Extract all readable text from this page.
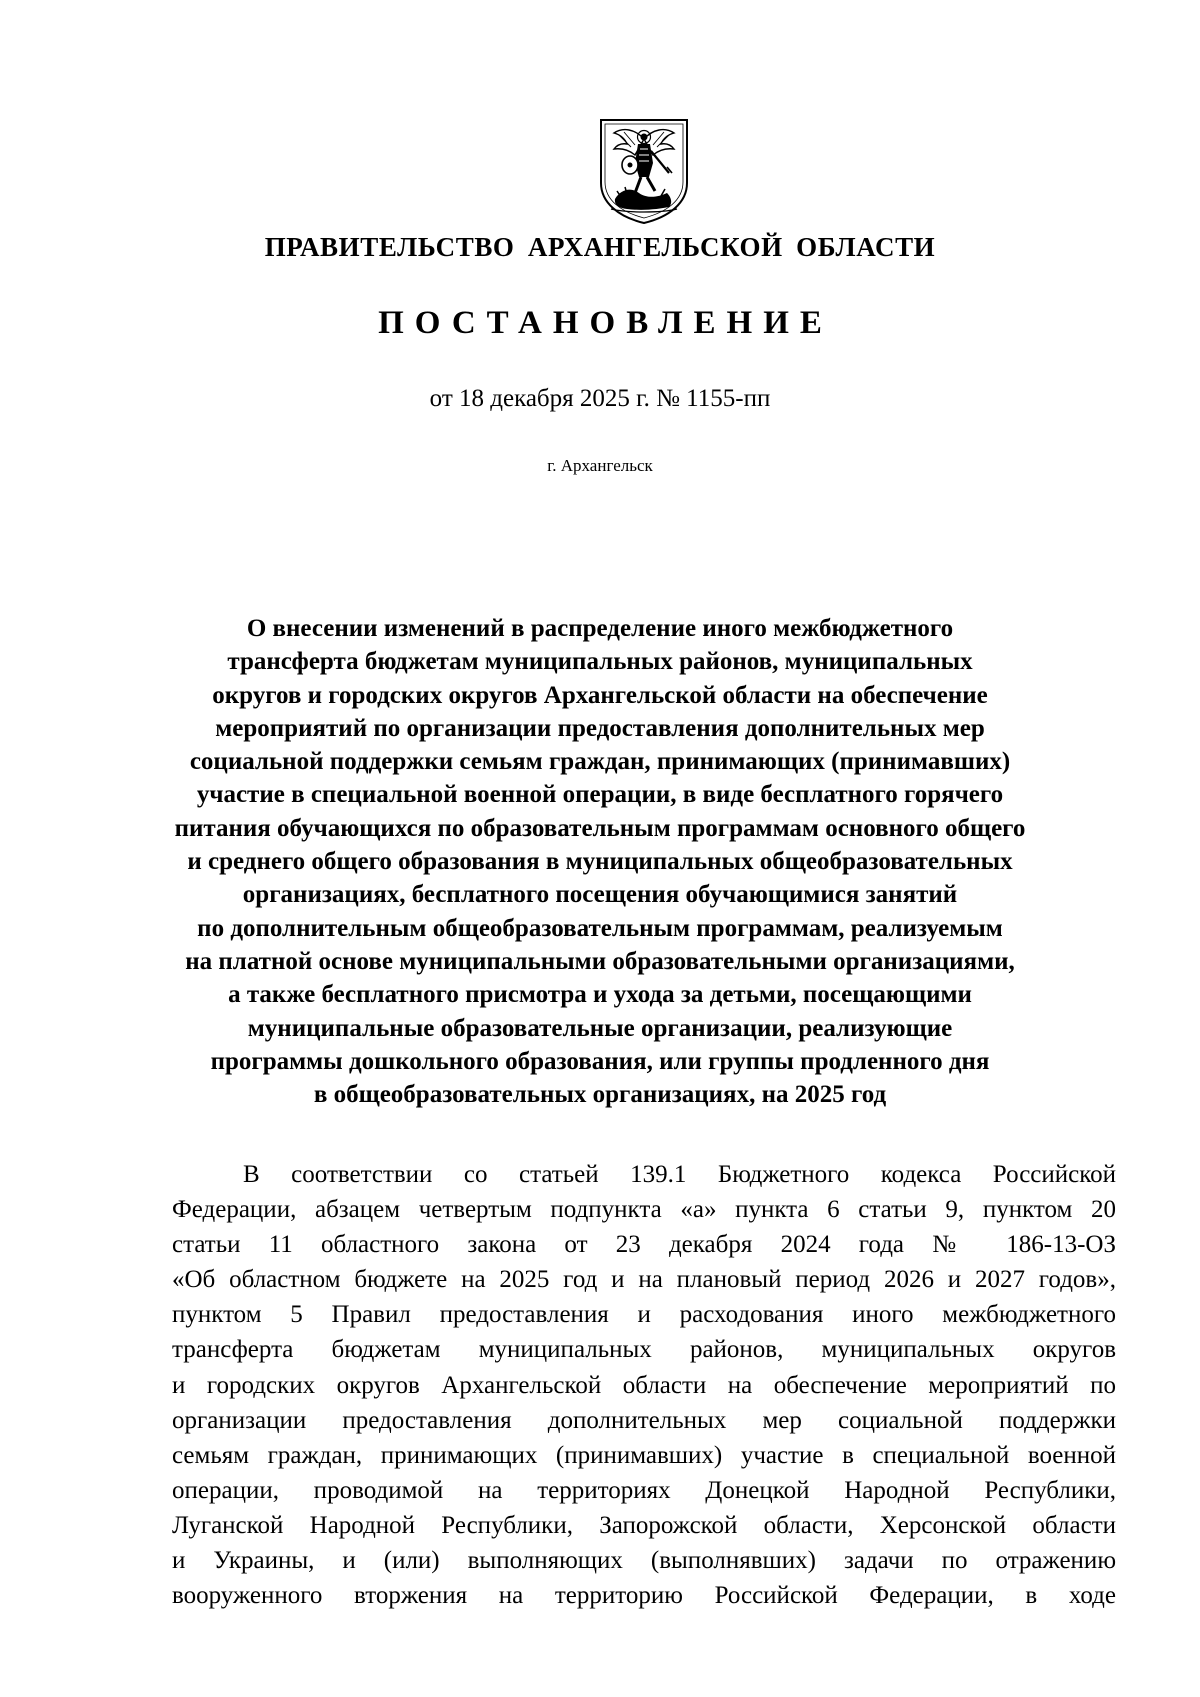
ПРАВИТЕЛЬСТВО АРХАНГЕЛЬСКОЙ ОБЛАСТИ
ПОСТАНОВЛЕНИЕ
от 18 декабря 2025 г. № 1155-пп
г. Архангельск
О внесении изменений в распределение иного межбюджетного
трансферта бюджетам муниципальных районов, муниципальных
округов и городских округов Архангельской области на обеспечение
мероприятий по организации предоставления дополнительных мер
социальной поддержки семьям граждан, принимающих (принимавших)
участие в специальной военной операции, в виде бесплатного горячего
питания обучающихся по образовательным программам основного общего
и среднего общего образования в муниципальных общеобразовательных
организациях, бесплатного посещения обучающимися занятий
по дополнительным общеобразовательным программам, реализуемым
на платной основе муниципальными образовательными организациями,
а также бесплатного присмотра и ухода за детьми, посещающими
муниципальные образовательные организации, реализующие
программы дошкольного образования, или группы продленного дня
в общеобразовательных организациях, на 2025 год
В соответствии со статьей 139.1 Бюджетного кодекса Российской
Федерации, абзацем четвертым подпункта «а» пункта 6 статьи 9, пунктом 20
статьи 11 областного закона от 23 декабря 2024 года № 186-13-ОЗ
«Об областном бюджете на 2025 год и на плановый период 2026 и 2027 годов»,
пунктом 5 Правил предоставления и расходования иного межбюджетного
трансферта бюджетам муниципальных районов, муниципальных округов
и городских округов Архангельской области на обеспечение мероприятий по
организации предоставления дополнительных мер социальной поддержки
семьям граждан, принимающих (принимавших) участие в специальной военной
операции, проводимой на территориях Донецкой Народной Республики,
Луганской Народной Республики, Запорожской области, Херсонской области
и Украины, и (или) выполняющих (выполнявших) задачи по отражению
вооруженного вторжения на территорию Российской Федерации, в ходе
